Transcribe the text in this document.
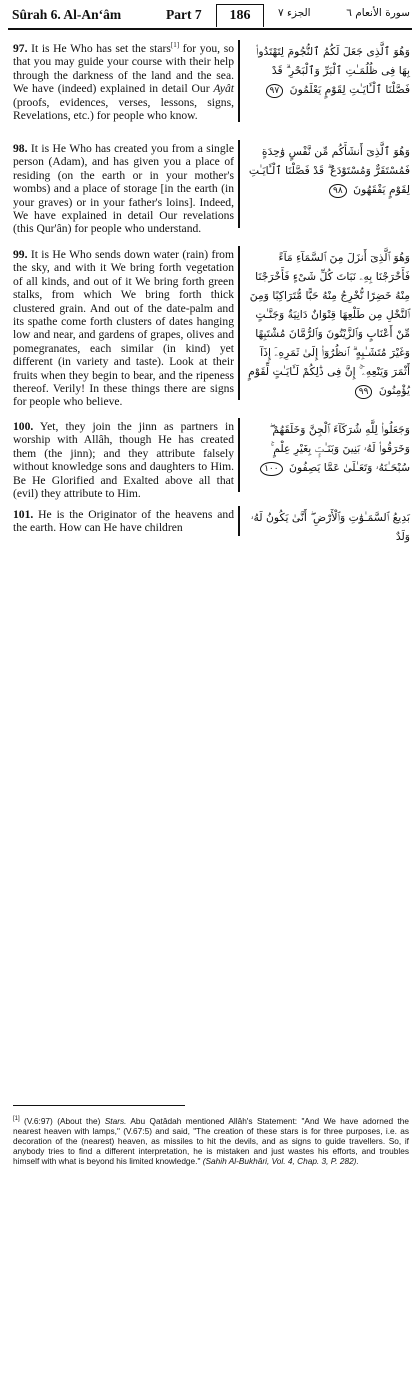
Sûrah 6. Al-An‘âm	Part 7	186	الجزء ٧	سورة الأنعام ٦

97. It is He Who has set the stars[1] for you, so that you may guide your course with their help through the darkness of the land and the sea. We have (indeed) explained in detail Our Ayât (proofs, evidences, verses, lessons, signs, Revelations, etc.) for people who know.

وَهُوَ ٱلَّذِى جَعَلَ لَكُمُ ٱلنُّجُومَ لِتَهْتَدُوا۟ بِهَا فِى ظُلُمَـٰتِ ٱلْبَرِّ وَٱلْبَحْرِ ۗ قَدْ فَصَّلْنَا ٱلْـَٔايَـٰتِ لِقَوْمٍ يَعْلَمُونَ ٩٧

98. It is He Who has created you from a single person (Adam), and has given you a place of residing (on the earth or in your mother's wombs) and a place of storage [in the earth (in your graves) or in your father's loins]. Indeed, We have explained in detail Our revelations (this Qur'ân) for people who understand.

وَهُوَ ٱلَّذِىٓ أَنشَأَكُم مِّن نَّفْسٍ وَٰحِدَةٍ فَمُسْتَقَرٌّ وَمُسْتَوْدَعٌ ۗ قَدْ فَصَّلْنَا ٱلْـَٔايَـٰتِ لِقَوْمٍ يَفْقَهُونَ ٩٨

99. It is He Who sends down water (rain) from the sky, and with it We bring forth vegetation of all kinds, and out of it We bring forth green stalks, from which We bring forth thick clustered grain. And out of the date-palm and its spathe come forth clusters of dates hanging low and near, and gardens of grapes, olives and pomegranates, each similar (in kind) yet different (in variety and taste). Look at their fruits when they begin to bear, and the ripeness thereof. Verily! In these things there are signs for people who believe.

وَهُوَ ٱلَّذِىٓ أَنزَلَ مِنَ ٱلسَّمَآءِ مَآءً فَأَخْرَجْنَا بِهِۦ نَبَاتَ كُلِّ شَىْءٍ فَأَخْرَجْنَا مِنْهُ خَضِرًا نُّخْرِجُ مِنْهُ حَبًّا مُّتَرَاكِبًا وَمِنَ ٱلنَّخْلِ مِن طَلْعِهَا قِنْوَانٌ دَانِيَةٌ وَجَنَّـٰتٍ مِّنْ أَعْنَابٍ وَٱلزَّيْتُونَ وَٱلرُّمَّانَ مُشْتَبِهًا وَغَيْرَ مُتَشَـٰبِهٍ ۗ ٱنظُرُوٓا۟ إِلَىٰ ثَمَرِهِۦٓ إِذَآ أَثْمَرَ وَيَنْعِهِۦٓ ۚ إِنَّ فِى ذَٰلِكُمْ لَـَٔايَـٰتٍ لِّقَوْمٍ يُؤْمِنُونَ ٩٩

100. Yet, they join the jinn as partners in worship with Allâh, though He has created them (the jinn); and they attribute falsely without knowledge sons and daughters to Him. Be He Glorified and Exalted above all that (evil) they attribute to Him.

وَجَعَلُوا۟ لِلَّهِ شُرَكَآءَ ٱلْجِنَّ وَخَلَقَهُمْ ۖ وَخَرَقُوا۟ لَهُۥ بَنِينَ وَبَنَـٰتٍۭ بِغَيْرِ عِلْمٍ ۚ سُبْحَـٰنَهُۥ وَتَعَـٰلَىٰ عَمَّا يَصِفُونَ ١٠٠

101. He is the Originator of the heavens and the earth. How can He have children

بَدِيعُ ٱلسَّمَـٰوَٰتِ وَٱلْأَرْضِ ۖ أَنَّىٰ يَكُونُ لَهُۥ وَلَدٌ

[1] (V.6:97) (About the) Stars. Abu Qatâdah mentioned Allâh's Statement: "And We have adorned the nearest heaven with lamps," (V.67:5) and said, "The creation of these stars is for three purposes, i.e. as decoration of the (nearest) heaven, as missiles to hit the devils, and as signs to guide travellers. So, if anybody tries to find a different interpretation, he is mistaken and just wastes his efforts, and troubles himself with what is beyond his limited knowledge." (Sahih Al-Bukhâri, Vol. 4, Chap. 3, P. 282).
